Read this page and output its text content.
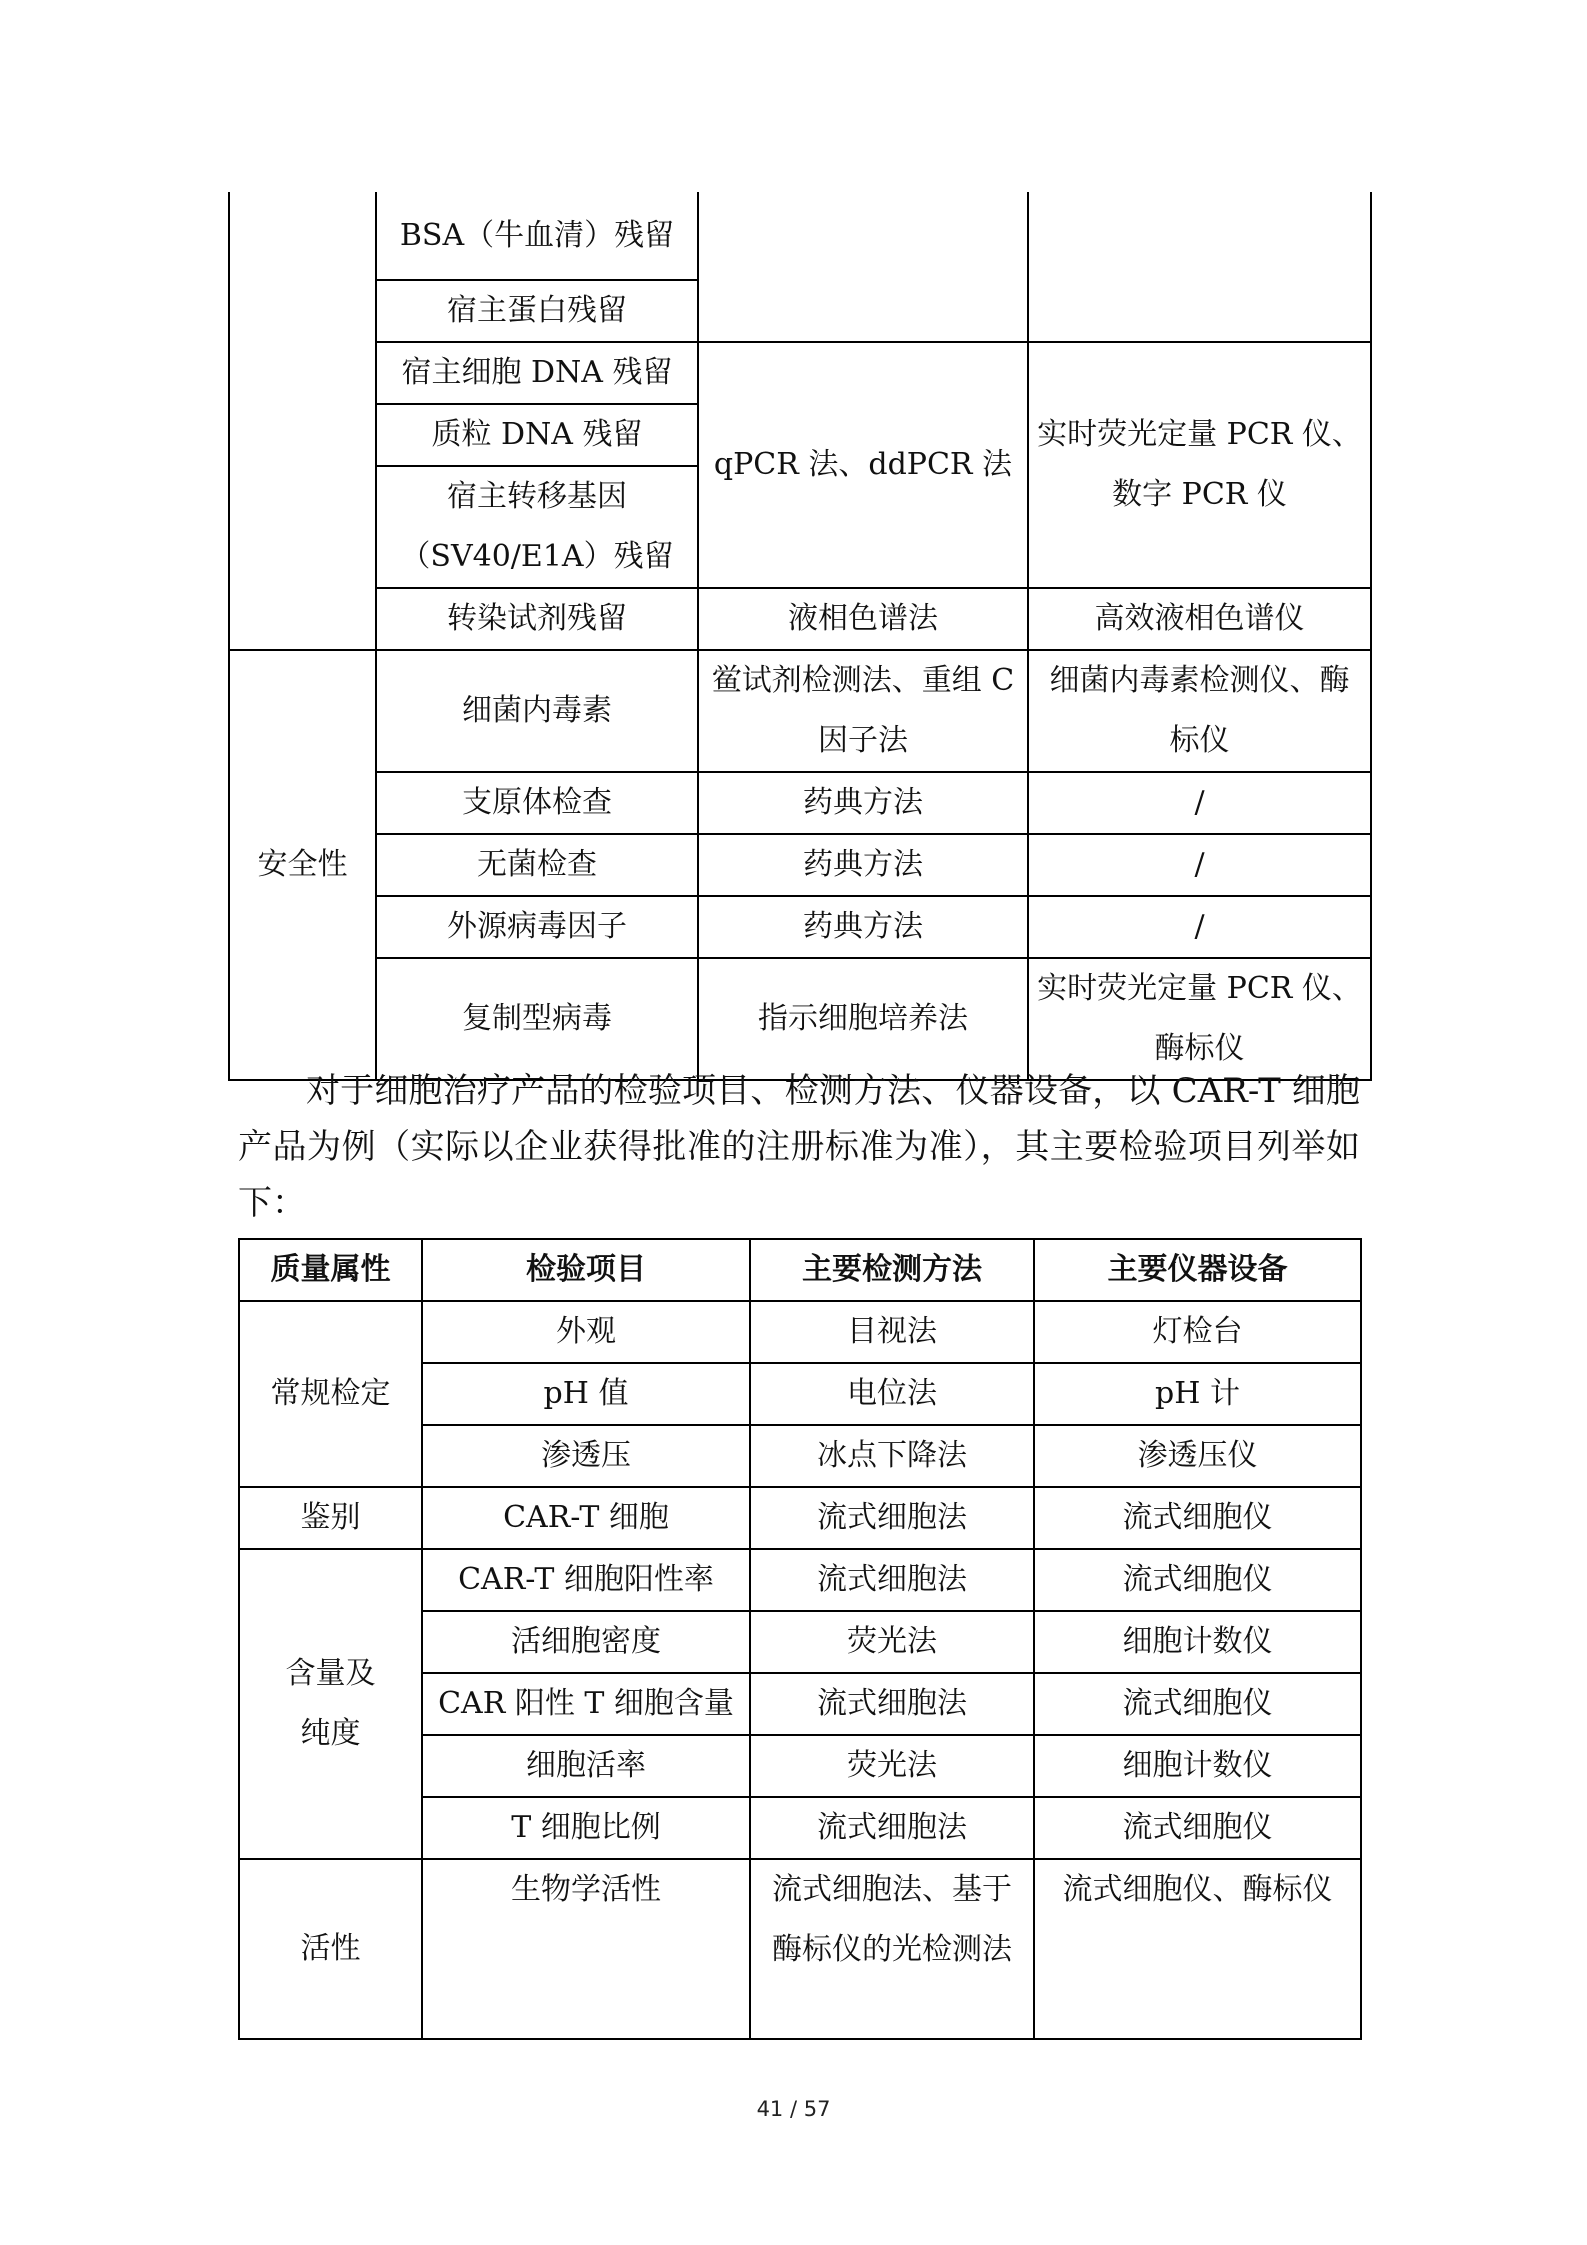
	BSA（牛血清）残留		
	宿主蛋白残留		
	宿主细胞 DNA 残留	qPCR 法、ddPCR 法	实时荧光定量 PCR 仪、数字 PCR 仪
	质粒 DNA 残留		
	宿主转移基因（SV40/E1A）残留		
	转染试剂残留	液相色谱法	高效液相色谱仪
安全性	细菌内毒素	鲎试剂检测法、重组 C 因子法	细菌内毒素检测仪、酶标仪
	支原体检查	药典方法	/
	无菌检查	药典方法	/
	外源病毒因子	药典方法	/
	复制型病毒	指示细胞培养法	实时荧光定量 PCR 仪、酶标仪

对于细胞治疗产品的检验项目、检测方法、仪器设备，以 CAR-T 细胞产品为例（实际以企业获得批准的注册标准为准），其主要检验项目列举如下：

质量属性	检验项目	主要检测方法	主要仪器设备
常规检定	外观	目视法	灯检台
	pH 值	电位法	pH 计
	渗透压	冰点下降法	渗透压仪
鉴别	CAR-T 细胞	流式细胞法	流式细胞仪
含量及纯度	CAR-T 细胞阳性率	流式细胞法	流式细胞仪
	活细胞密度	荧光法	细胞计数仪
	CAR 阳性 T 细胞含量	流式细胞法	流式细胞仪
	细胞活率	荧光法	细胞计数仪
	T 细胞比例	流式细胞法	流式细胞仪
活性	生物学活性	流式细胞法、基于酶标仪的光检测法	流式细胞仪、酶标仪
41 / 57
